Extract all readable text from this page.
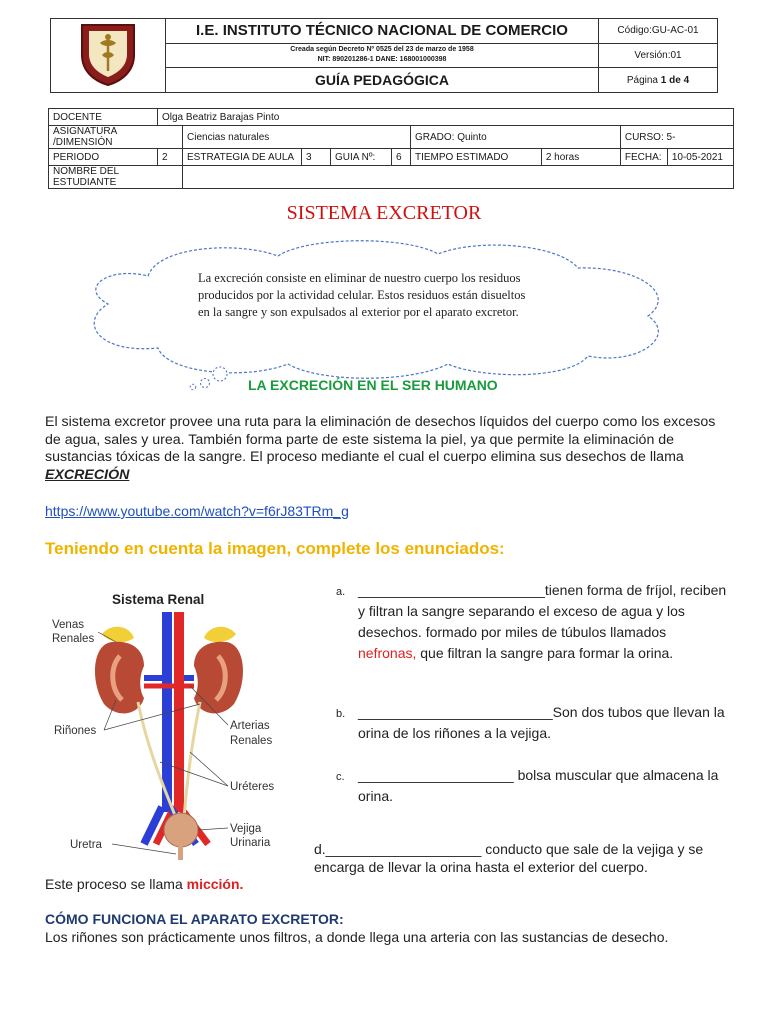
	I.E. INSTITUTO TÉCNICO NACIONAL DE COMERCIO	Código:GU-AC-01

	Creada según Decreto Nº 0525 del 23 de marzo de 1958
NIT: 890201286-1 DANE: 168001000398	Versión:01
	GUÍA PEDAGÓGICA	Página 1 de 4
DOCENTE	Olga Beatriz Barajas Pinto								
ASIGNATURA /DIMENSIÓN		Ciencias naturales				GRADO: Quinto		CURSO: 5-	
PERIODO	2	ESTRATEGIA DE AULA	3	GUIA Nº:	6	TIEMPO ESTIMADO	2 horas	FECHA:	10-05-2021
NOMBRE DEL ESTUDIANTE									
SISTEMA EXCRETOR
La excreción consiste en eliminar de nuestro cuerpo los residuos producidos por la actividad celular. Estos residuos están disueltos en la sangre y son expulsados al exterior por el aparato excretor.
LA EXCRECIÓN EN EL SER HUMANO
El sistema excretor provee una ruta para la eliminación de desechos líquidos del cuerpo como los excesos de agua, sales y urea. También forma parte de este sistema la piel, ya que permite la eliminación de sustancias tóxicas de la sangre. El proceso mediante el cual el cuerpo elimina sus desechos de llama EXCRECIÓN
https://www.youtube.com/watch?v=f6rJ83TRm_g
Teniendo en cuenta la imagen, complete los enunciados:
Sistema Renal
Venas
Renales
Riñones	Arterias
Renales
Uréteres
Vejiga
Urinaria
Uretra
a. ________________________tienen forma de fríjol, reciben y filtran la sangre separando el exceso de agua y los desechos. formado por miles de túbulos llamados nefronas, que filtran la sangre para formar la orina.
b. _________________________Son dos tubos que llevan la orina de los riñones a la vejiga.
c. ____________________ bolsa muscular que almacena la orina.
d.____________________ conducto que sale de la vejiga y se encarga de llevar la orina hasta el exterior del cuerpo.
Este proceso se llama micción.
CÓMO FUNCIONA EL APARATO EXCRETOR:
Los riñones son prácticamente unos filtros, a donde llega una arteria con las sustancias de desecho.
